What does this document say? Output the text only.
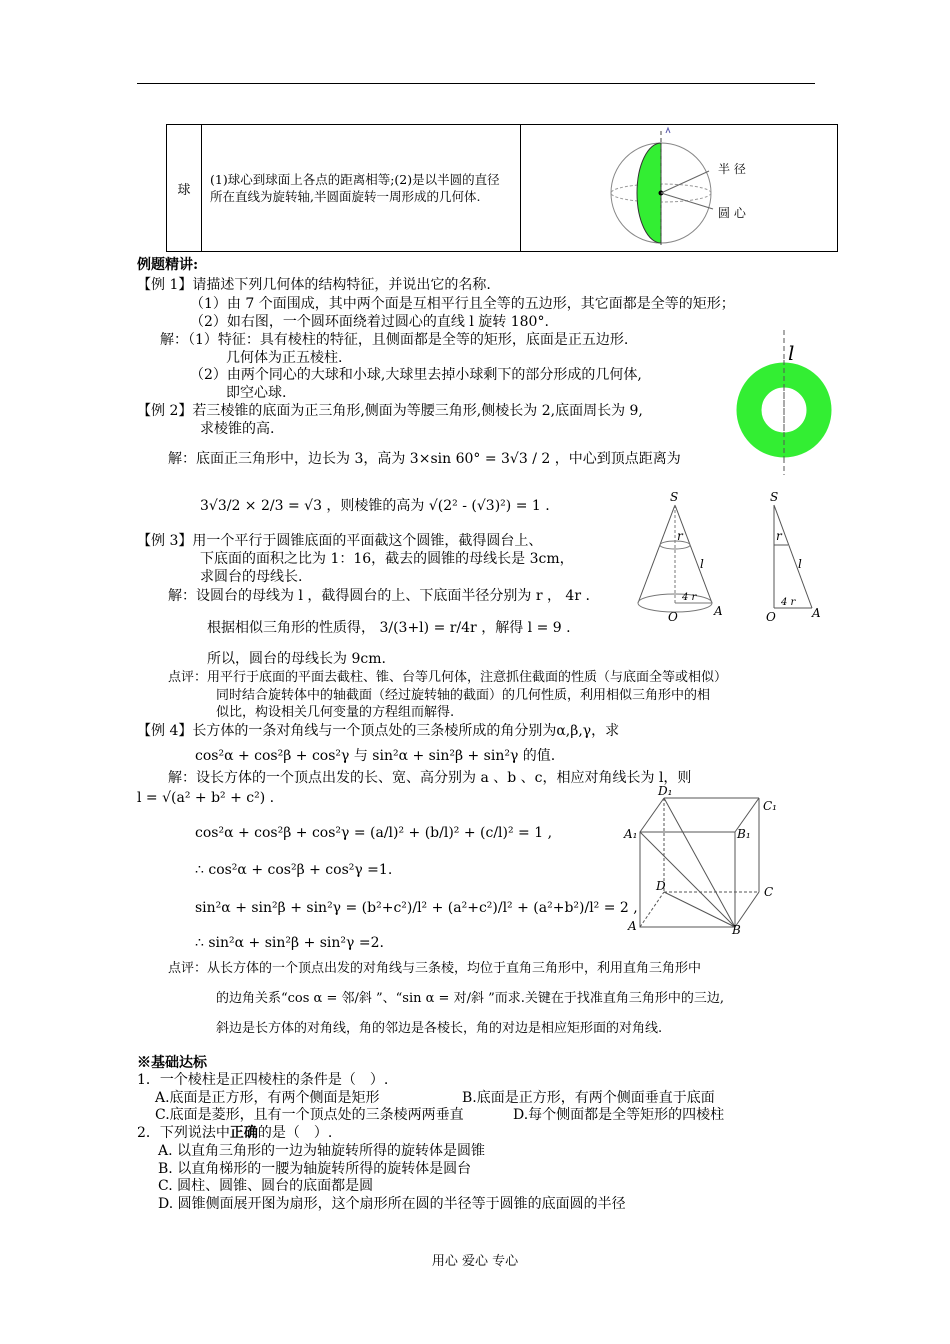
球	(1)球心到球面上各点的距离相等;(2)是以半圆的直径所在直线为旋转轴,半圆面旋转一周形成的几何体.	
半 径
圆 心
例题精讲:
【例 1】请描述下列几何体的结构特征，并说出它的名称.
（1）由 7 个面围成，其中两个面是互相平行且全等的五边形，其它面都是全等的矩形；
（2）如右图，一个圆环面绕着过圆心的直线 l 旋转 180°.
解：（1）特征：具有棱柱的特征，且侧面都是全等的矩形，底面是正五边形.
几何体为正五棱柱.
（2）由两个同心的大球和小球,大球里去掉小球剩下的部分形成的几何体,
即空心球.
l
【例 2】若三棱锥的底面为正三角形,侧面为等腰三角形,侧棱长为 2,底面周长为 9,
求棱锥的高.
解：底面正三角形中，边长为 3，高为 3×sin 60° = 3√3 / 2 ，中心到顶点距离为
3√3/2 × 2/3 = √3 ，则棱锥的高为 √(2² - (√3)²) = 1 .
【例 3】用一个平行于圆锥底面的平面截这个圆锥，截得圆台上、
下底面的面积之比为 1：16，截去的圆锥的母线长是 3cm，
求圆台的母线长.
解：设圆台的母线为 l ，截得圆台的上、下底面半径分别为 r ， 4r .
根据相似三角形的性质得， 3/(3+l) = r/4r ，解得 l = 9 .
所以，圆台的母线长为 9cm.
点评：用平行于底面的平面去截柱、锥、台等几何体，注意抓住截面的性质（与底面全等或相似）
同时结合旋转体中的轴截面（经过旋转轴的截面）的几何性质，利用相似三角形中的相
似比，构设相关几何变量的方程组而解得.
S
r
l
4 r
O	A
S
r
l
4 r
O	A
【例 4】长方体的一条对角线与一个顶点处的三条棱所成的角分别为α,β,γ，求
cos²α + cos²β + cos²γ 与 sin²α + sin²β + sin²γ 的值.
解：设长方体的一个顶点出发的长、宽、高分别为 a 、b 、c，相应对角线长为 l，则
l = √(a² + b² + c²) .
cos²α + cos²β + cos²γ = (a/l)² + (b/l)² + (c/l)² = 1 ,
∴ cos²α + cos²β + cos²γ =1.
sin²α + sin²β + sin²γ = (b²+c²)/l² + (a²+c²)/l² + (a²+b²)/l² = 2 ,
∴ sin²α + sin²β + sin²γ =2.
点评：从长方体的一个顶点出发的对角线与三条棱，均位于直角三角形中，利用直角三角形中
的边角关系“cos α = 邻/斜 ”、“sin α = 对/斜 ”而求.关键在于找准直角三角形中的三边,
斜边是长方体的对角线，角的邻边是各棱长，角的对边是相应矩形面的对角线.
D₁
C₁
A₁	B₁
D	C
A	B
※基础达标
1．一个棱柱是正四棱柱的条件是（　）.
A.底面是正方形，有两个侧面是矩形	B.底面是正方形，有两个侧面垂直于底面
C.底面是菱形，且有一个顶点处的三条棱两两垂直	D.每个侧面都是全等矩形的四棱柱
2．下列说法中正确的是（　）.
A. 以直角三角形的一边为轴旋转所得的旋转体是圆锥
B. 以直角梯形的一腰为轴旋转所得的旋转体是圆台
C. 圆柱、圆锥、圆台的底面都是圆
D. 圆锥侧面展开图为扇形，这个扇形所在圆的半径等于圆锥的底面圆的半径
用心 爱心 专心
